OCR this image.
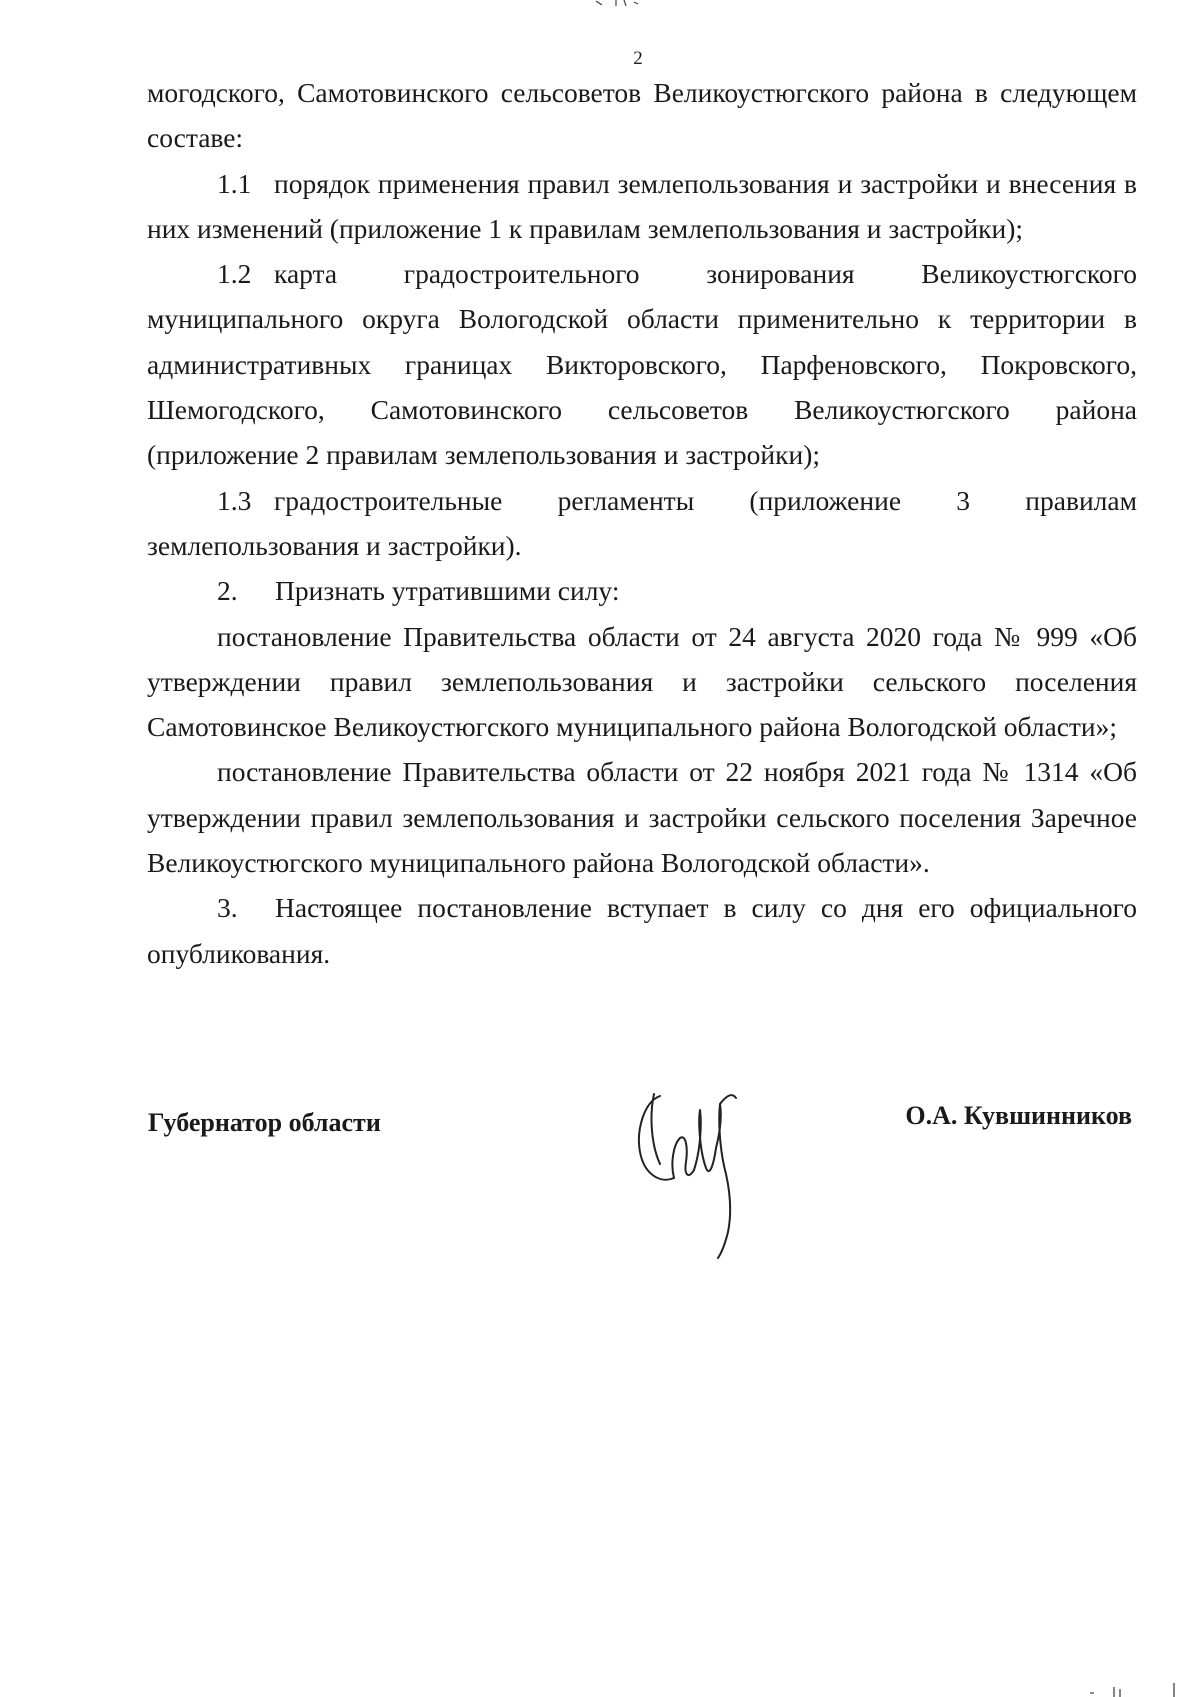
2

могодского, Самотовинского сельсоветов Великоустюгского района в следующем составе:

1.1 порядок применения правил землепользования и застройки и внесения в них изменений (приложение 1 к правилам землепользования и застройки);

1.2 карта градостроительного зонирования Великоустюгского муниципального округа Вологодской области применительно к территории в административных границах Викторовского, Парфеновского, Покровского, Шемогодского, Самотовинского сельсоветов Великоустюгского района (приложение 2 правилам землепользования и застройки);

1.3 градостроительные регламенты (приложение 3 правилам землепользования и застройки).

2. Признать утратившими силу:

постановление Правительства области от 24 августа 2020 года № 999 «Об утверждении правил землепользования и застройки сельского поселения Самотовинское Великоустюгского муниципального района Вологодской области»;

постановление Правительства области от 22 ноября 2021 года № 1314 «Об утверждении правил землепользования и застройки сельского поселения Заречное Великоустюгского муниципального района Вологодской области».

3. Настоящее постановление вступает в силу со дня его официального опубликования.

Губернатор области	О.А. Кувшинников
